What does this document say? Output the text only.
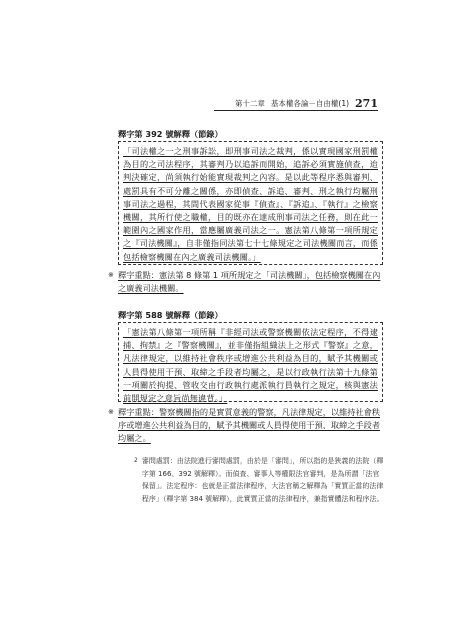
第十二章 基本權各論－自由權(1) 271
釋字第 392 號解釋（節錄）

「司法權之一之刑事訴訟，即刑事司法之裁判，係以實現國家刑罰權為目的之司法程序，其審判乃以追訴而開始，追訴必須實施偵查，迨判決確定，尚須執行始能實現裁判之內容。是以此等程序悉與審判、處罰具有不可分離之關係，亦即偵查、訴追、審判、刑之執行均屬刑事司法之過程，其間代表國家從事『偵查』、『訴追』、『執行』之檢察機關，其所行使之職權，目的既亦在達成刑事司法之任務，則在此一範圍內之國家作用，當應屬廣義司法之一。憲法第八條第一項所規定之『司法機關』，自非僅指同法第七十七條規定之司法機關而言，而係包括檢察機關在內之廣義司法機關。」

※ 釋字重點：憲法第 8 條第 1 項所規定之「司法機關」，包括檢察機關在內之廣義司法機關。
釋字第 588 號解釋（節錄）

「憲法第八條第一項所稱『非經司法或警察機關依法定程序，不得逮捕、拘禁』之『警察機關』，並非僅指組織法上之形式『警察』之意，凡法律規定，以維持社會秩序或增進公共利益為目的，賦予其機關或人員得使用干預、取締之手段者均屬之，是以行政執行法第十九條第一項關於拘提、管收交由行政執行處派執行員執行之規定，核與憲法前開規定之意旨尚無違背。」

※ 釋字重點：警察機關指的是實質意義的警察，凡法律規定，以維持社會秩序或增進公共利益為目的，賦予其機關或人員得使用干預、取締之手段者均屬之。
2 審問處罰：由法院進行審問處罰，由於是「審問」，所以指的是狹義的法院（釋字第 166、392 號解釋）。而偵查、審事人等權限法官審判，是為所謂「法官保留」。法定程序：也就是正當法律程序，大法官稱之解釋為「實質正當的法律程序」（釋字第 384 號解釋），此實質正當的法律程序，兼指實體法和程序法。
